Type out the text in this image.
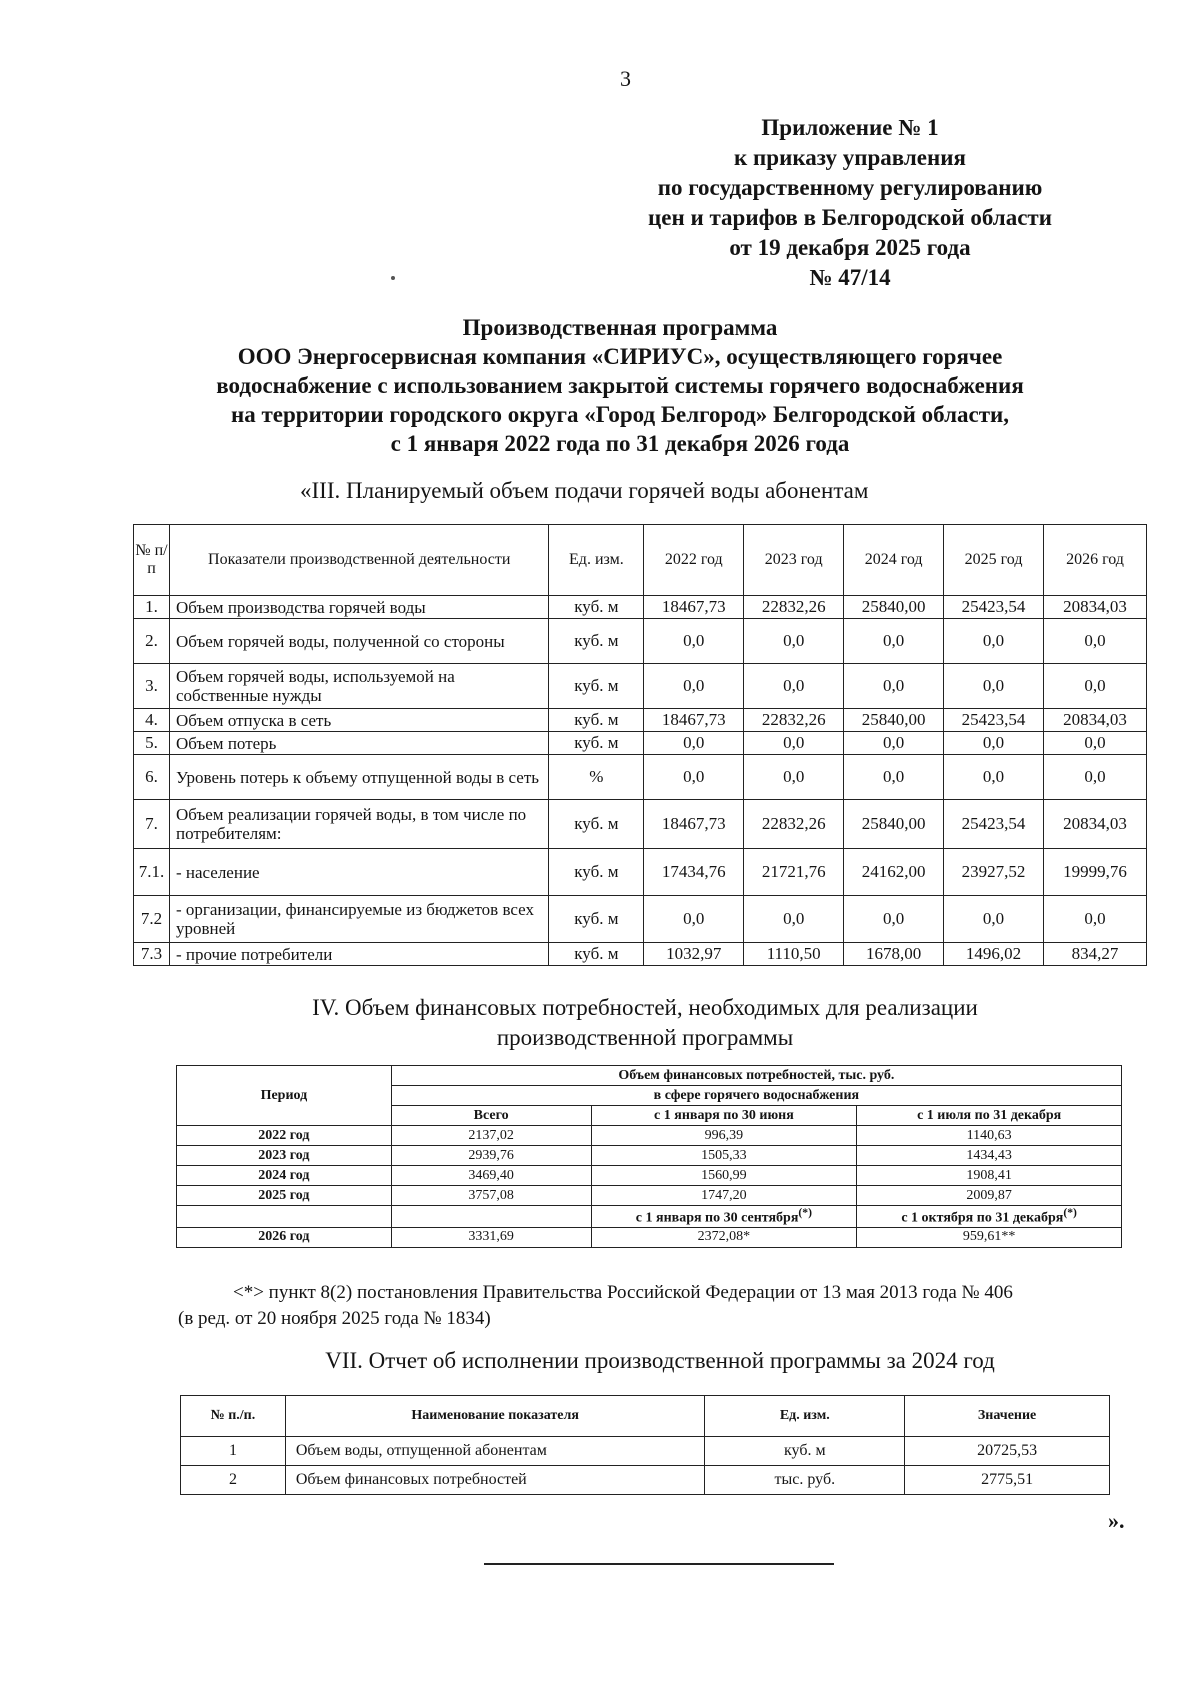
3
Приложение № 1
к приказу управления
по государственному регулированию
цен и тарифов в Белгородской области
от 19 декабря 2025 года
№ 47/14
Производственная программа
ООО Энергосервисная компания «СИРИУС», осуществляющего горячее
водоснабжение с использованием закрытой системы горячего водоснабжения
на территории городского округа «Город Белгород» Белгородской области,
с 1 января 2022 года по 31 декабря 2026 года
«III. Планируемый объем подачи горячей воды абонентам
№ п/п	Показатели производственной деятельности	Ед. изм.	2022 год	2023 год	2024 год	2025 год	2026 год
1.	Объем производства горячей воды	куб. м	18467,73	22832,26	25840,00	25423,54	20834,03
2.	Объем горячей воды, полученной со стороны	куб. м	0,0	0,0	0,0	0,0	0,0
3.	Объем горячей воды, используемой на собственные нужды	куб. м	0,0	0,0	0,0	0,0	0,0
4.	Объем отпуска в сеть	куб. м	18467,73	22832,26	25840,00	25423,54	20834,03
5.	Объем потерь	куб. м	0,0	0,0	0,0	0,0	0,0
6.	Уровень потерь к объему отпущенной воды в сеть	%	0,0	0,0	0,0	0,0	0,0
7.	Объем реализации горячей воды, в том числе по потребителям:	куб. м	18467,73	22832,26	25840,00	25423,54	20834,03
7.1.	- население	куб. м	17434,76	21721,76	24162,00	23927,52	19999,76
7.2	- организации, финансируемые из бюджетов всех уровней	куб. м	0,0	0,0	0,0	0,0	0,0
7.3	- прочие потребители	куб. м	1032,97	1110,50	1678,00	1496,02	834,27
IV. Объем финансовых потребностей, необходимых для реализации
производственной программы
Период	Объем финансовых потребностей, тыс. руб.		
	в сфере горячего водоснабжения		
	Всего	с 1 января по 30 июня	с 1 июля по 31 декабря
2022 год	2137,02	996,39	1140,63
2023 год	2939,76	1505,33	1434,43
2024 год	3469,40	1560,99	1908,41
2025 год	3757,08	1747,20	2009,87
		с 1 января по 30 сентября(*)	с 1 октября по 31 декабря(*)
2026 год	3331,69	2372,08*	959,61**
<*> пункт 8(2) постановления Правительства Российской Федерации от 13 мая 2013 года № 406
(в ред. от 20 ноября 2025 года № 1834)
VII. Отчет об исполнении производственной программы за 2024 год
№ п./п.	Наименование показателя	Ед. изм.	Значение
1	Объем воды, отпущенной абонентам	куб. м	20725,53
2	Объем финансовых потребностей	тыс. руб.	2775,51
».
